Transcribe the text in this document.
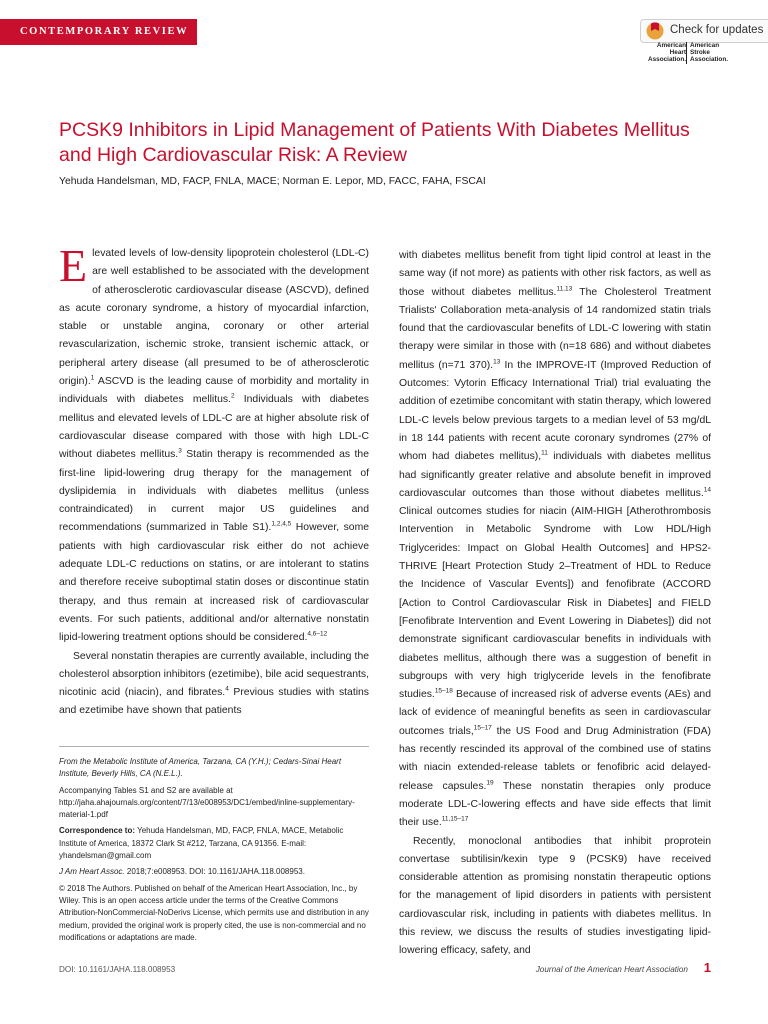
CONTEMPORARY REVIEW	Check for updates
American
Heart
Association.
American
Stroke
Association.
PCSK9 Inhibitors in Lipid Management of Patients With Diabetes Mellitus and High Cardiovascular Risk: A Review
Yehuda Handelsman, MD, FACP, FNLA, MACE; Norman E. Lepor, MD, FACC, FAHA, FSCAI

Elevated levels of low-density lipoprotein cholesterol (LDL-C) are well established to be associated with the development of atherosclerotic cardiovascular disease (ASCVD), defined as acute coronary syndrome, a history of myocardial infarction, stable or unstable angina, coronary or other arterial revascularization, ischemic stroke, transient ischemic attack, or peripheral artery disease (all presumed to be of atherosclerotic origin).$^1$ ASCVD is the leading cause of morbidity and mortality in individuals with diabetes mellitus.$^2$ Individuals with diabetes mellitus and elevated levels of LDL-C are at higher absolute risk of cardiovascular disease compared with those with high LDL-C without diabetes mellitus.$^3$ Statin therapy is recommended as the first-line lipid-lowering drug therapy for the management of dyslipidemia in individuals with diabetes mellitus (unless contraindicated) in current major US guidelines and recommendations (summarized in Table S1).$^{1,2,4,5}$ However, some patients with high cardiovascular risk either do not achieve adequate LDL-C reductions on statins, or are intolerant to statins and therefore receive suboptimal statin doses or discontinue statin therapy, and thus remain at increased risk of cardiovascular events. For such patients, additional and/or alternative nonstatin lipid-lowering treatment options should be considered.$^{4,6-12}$

Several nonstatin therapies are currently available, including the cholesterol absorption inhibitors (ezetimibe), bile acid sequestrants, nicotinic acid (niacin), and fibrates.$^4$ Previous studies with statins and ezetimibe have shown that patients

with diabetes mellitus benefit from tight lipid control at least in the same way (if not more) as patients with other risk factors, as well as those without diabetes mellitus.$^{11,13}$ The Cholesterol Treatment Trialists' Collaboration meta-analysis of 14 randomized statin trials found that the cardiovascular benefits of LDL-C lowering with statin therapy were similar in those with (n=18 686) and without diabetes mellitus (n=71 370).$^{13}$ In the IMPROVE-IT (Improved Reduction of Outcomes: Vytorin Efficacy International Trial) trial evaluating the addition of ezetimibe concomitant with statin therapy, which lowered LDL-C levels below previous targets to a median level of 53 mg/dL in 18 144 patients with recent acute coronary syndromes (27% of whom had diabetes mellitus),$^{11}$ individuals with diabetes mellitus had significantly greater relative and absolute benefit in improved cardiovascular outcomes than those without diabetes mellitus.$^{14}$ Clinical outcomes studies for niacin (AIM-HIGH [Atherothrombosis Intervention in Metabolic Syndrome with Low HDL/High Triglycerides: Impact on Global Health Outcomes] and HPS2-THRIVE [Heart Protection Study 2–Treatment of HDL to Reduce the Incidence of Vascular Events]) and fenofibrate (ACCORD [Action to Control Cardiovascular Risk in Diabetes] and FIELD [Fenofibrate Intervention and Event Lowering in Diabetes]) did not demonstrate significant cardiovascular benefits in individuals with diabetes mellitus, although there was a suggestion of benefit in subgroups with very high triglyceride levels in the fenofibrate studies.$^{15-18}$ Because of increased risk of adverse events (AEs) and lack of evidence of meaningful benefits as seen in cardiovascular outcomes trials,$^{15-17}$ the US Food and Drug Administration (FDA) has recently rescinded its approval of the combined use of statins with niacin extended-release tablets or fenofibric acid delayed-release capsules.$^{19}$ These nonstatin therapies only produce moderate LDL-C-lowering effects and have side effects that limit their use.$^{11,15-17}$

Recently, monoclonal antibodies that inhibit proprotein convertase subtilisin/kexin type 9 (PCSK9) have received considerable attention as promising nonstatin therapeutic options for the management of lipid disorders in patients with persistent cardiovascular risk, including in patients with diabetes mellitus. In this review, we discuss the results of studies investigating lipid-lowering efficacy, safety, and

From the Metabolic Institute of America, Tarzana, CA (Y.H.); Cedars-Sinai Heart Institute, Beverly Hills, CA (N.E.L.).

Accompanying Tables S1 and S2 are available at http://jaha.ahajournals.org/content/7/13/e008953/DC1/embed/inline-supplementary-material-1.pdf

Correspondence to: Yehuda Handelsman, MD, FACP, FNLA, MACE, Metabolic Institute of America, 18372 Clark St #212, Tarzana, CA 91356. E-mail: yhandelsman@gmail.com

J Am Heart Assoc. 2018;7:e008953. DOI: 10.1161/JAHA.118.008953.

© 2018 The Authors. Published on behalf of the American Heart Association, Inc., by Wiley. This is an open access article under the terms of the Creative Commons Attribution-NonCommercial-NoDerivs License, which permits use and distribution in any medium, provided the original work is properly cited, the use is non-commercial and no modifications or adaptations are made.

DOI: 10.1161/JAHA.118.008953	Journal of the American Heart Association 1
